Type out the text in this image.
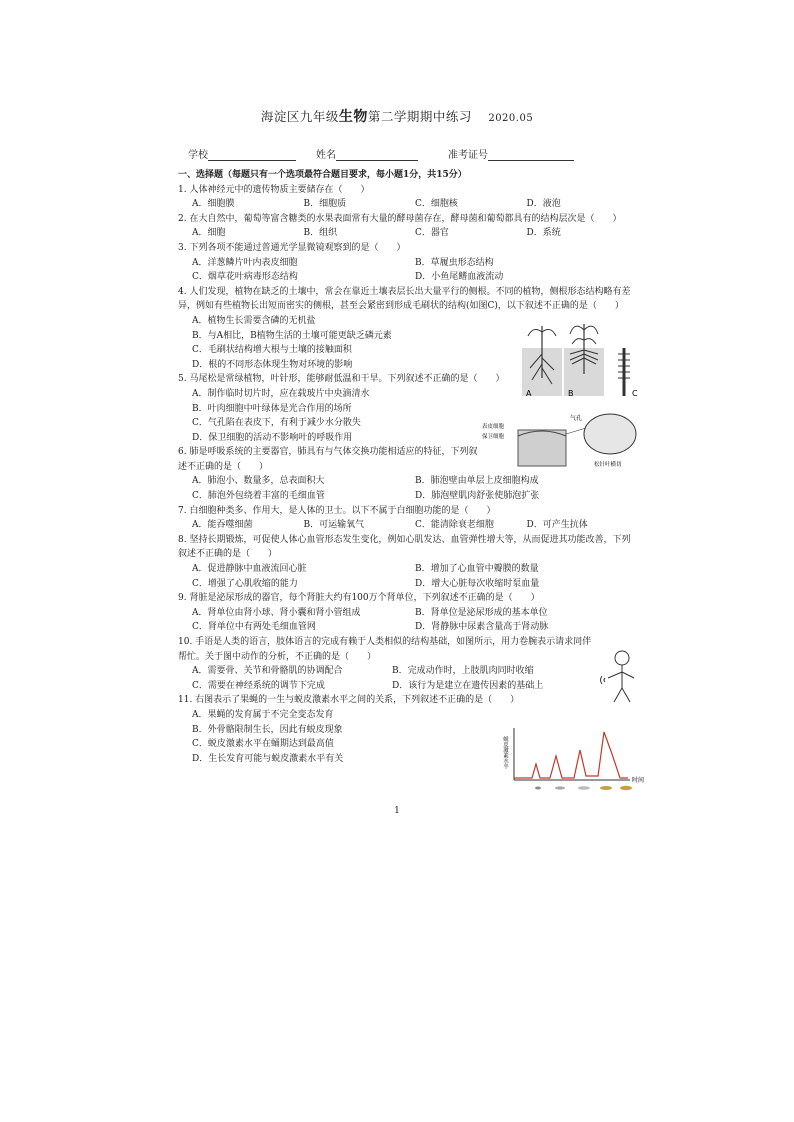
海淀区九年级生物第二学期期中练习 2020.05
学校	姓名	准考证号
一、选择题（每题只有一个选项最符合题目要求，每小题1分，共15分）
1. 人体神经元中的遗传物质主要储存在（　　）
A．细胞膜	B．细胞质	C．细胞核	D．液泡
2. 在大自然中，葡萄等富含糖类的水果表面常有大量的酵母菌存在，酵母菌和葡萄都具有的结构层次是（　　）
A．细胞	B．组织	C．器官	D．系统
3. 下列各项不能通过普通光学显微镜观察到的是（　　）
A．洋葱鳞片叶内表皮细胞	B．草履虫形态结构
C．烟草花叶病毒形态结构	D．小鱼尾鳍血液流动
4. 人们发现，植物在缺乏的土壤中，常会在靠近土壤表层长出大量平行的侧根。不同的植物，侧根形态结构略有差异，例如有些植物长出短而密实的侧根，甚至会紧密到形成毛刷状的结构(如图C)，以下叙述不正确的是（　　）
A．植物生长需要含磷的无机盐
B．与A相比，B植物生活的土壤可能更缺乏磷元素
C．毛刷状结构增大根与土壤的接触面积
D．根的不同形态体现生物对环境的影响
5. 马尾松是常绿植物，叶针形，能够耐低温和干旱。下列叙述不正确的是（　　）
A．制作临时切片时，应在载玻片中央滴清水
B．叶肉细胞中叶绿体是光合作用的场所
C．气孔陷在表皮下，有利于减少水分散失
D．保卫细胞的活动不影响叶的呼吸作用
6. 肺是呼吸系统的主要器官，肺具有与气体交换功能相适应的特征，下列叙述不正确的是（　　）
A．肺泡小、数量多，总表面积大	B．肺泡壁由单层上皮细胞构成
C．肺泡外包绕着丰富的毛细血管	D．肺泡壁肌肉舒张使肺泡扩张
7. 白细胞种类多、作用大，是人体的卫士。以下不属于白细胞功能的是（　　）
A．能吞噬细菌	B．可运输氧气	C．能清除衰老细胞	D．可产生抗体
8. 坚持长期锻炼，可促使人体心血管形态发生变化，例如心肌发达、血管弹性增大等，从而促进其功能改善，下列叙述不正确的是（　　）
A．促进静脉中血液流回心脏	B．增加了心血管中瓣膜的数量
C．增强了心肌收缩的能力	D．增大心脏每次收缩时泵血量
9. 肾脏是泌尿形成的器官，每个肾脏大约有100万个肾单位，下列叙述不正确的是（　　）
A．肾单位由肾小球、肾小囊和肾小管组成	B．肾单位是泌尿形成的基本单位
C．肾单位中有两处毛细血管网	D．肾静脉中尿素含量高于肾动脉
10. 手语是人类的语言，肢体语言的完成有赖于人类相似的结构基础，如图所示，用力卷腕表示请求同伴帮忙。关于图中动作的分析，不正确的是（　　）
A．需要骨、关节和骨骼肌的协调配合	B．完成动作时，上肢肌肉同时收缩
C．需要在神经系统的调节下完成	D．该行为是建立在遗传因素的基础上
11. 右图表示了果蝇的一生与蜕皮激素水平之间的关系，下列叙述不正确的是（　　）
A．果蝇的发育属于不完全变态发育
B．外骨骼限制生长，因此有蜕皮现象
C．蜕皮激素水平在蛹期达到最高值
D．生长发育可能与蜕皮激素水平有关
A	B	C
表皮细胞
保卫细胞
气孔
松针叶横切
蜕皮激素水平
时间
1
